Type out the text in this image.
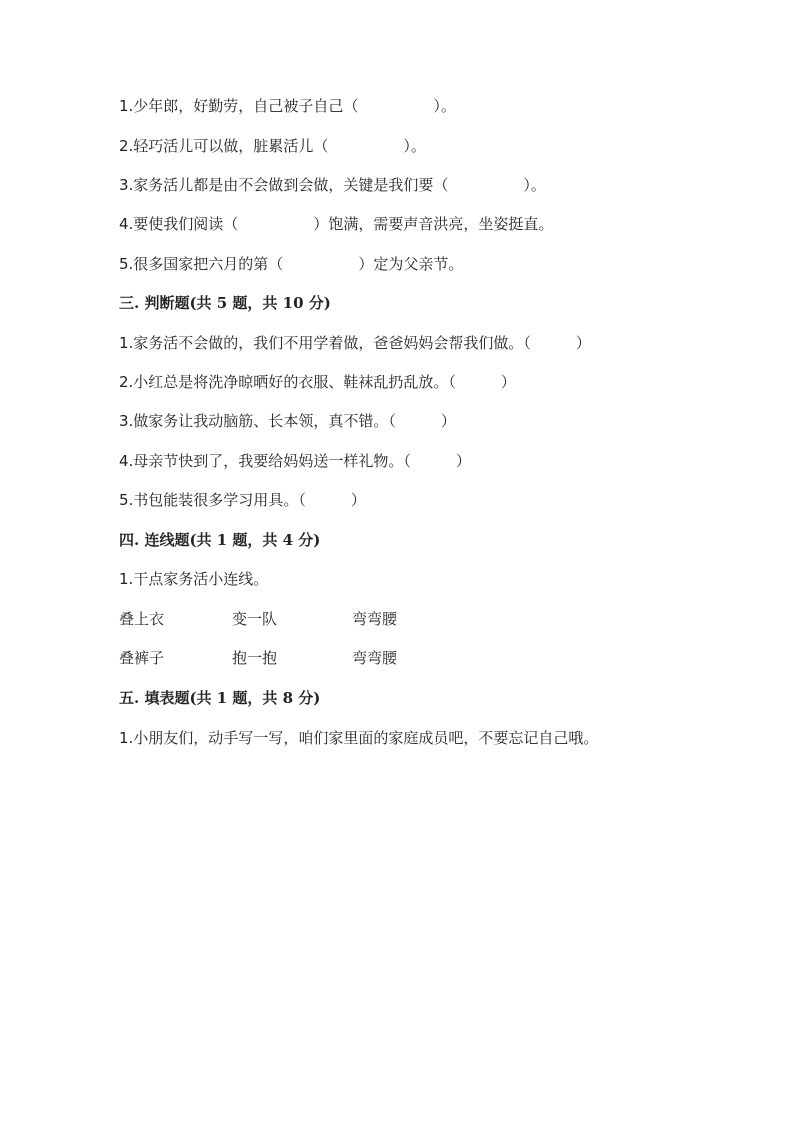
1.少年郎，好勤劳，自己被子自己（　　　　　）。
2.轻巧活儿可以做，脏累活儿（　　　　　）。
3.家务活儿都是由不会做到会做，关键是我们要（　　　　　）。
4.要使我们阅读（　　　　　）饱满，需要声音洪亮，坐姿挺直。
5.很多国家把六月的第（　　　　　）定为父亲节。
三. 判断题(共 5 题，共 10 分)
1.家务活不会做的，我们不用学着做，爸爸妈妈会帮我们做。（　　　）
2.小红总是将洗净晾晒好的衣服、鞋袜乱扔乱放。（　　　）
3.做家务让我动脑筋、长本领，真不错。（　　　）
4.母亲节快到了，我要给妈妈送一样礼物。（　　　）
5.书包能装很多学习用具。（　　　）
四. 连线题(共 1 题，共 4 分)
1.干点家务活小连线。
叠上衣	变一队	弯弯腰
叠裤子	抱一抱	弯弯腰
五. 填表题(共 1 题，共 8 分)
1.小朋友们，动手写一写，咱们家里面的家庭成员吧，不要忘记自己哦。
